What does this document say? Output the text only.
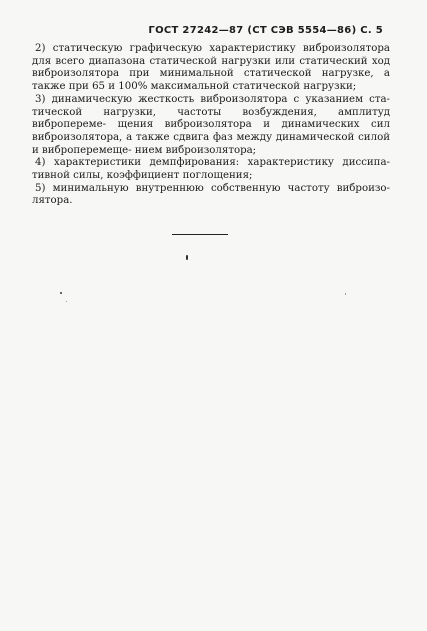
ГОСТ 27242—87 (СТ СЭВ 5554—86) С. 5

2) статическую графическую характеристику виброизолятора для всего диапазона статической нагрузки или статический ход виброизолятора при минимальной статической нагрузке, а также при 65 и 100% максимальной статической нагрузки;

3) динамическую жесткость виброизолятора с указанием ста- тической нагрузки, частоты возбуждения, амплитуд вибропереме- щения виброизолятора и динамических сил виброизолятора, а также сдвига фаз между динамической силой и виброперемеще- нием виброизолятора;

4) характеристики демпфирования: характеристику диссипа- тивной силы, коэффициент поглощения;

5) минимальную внутреннюю собственную частоту виброизо- лятора.
